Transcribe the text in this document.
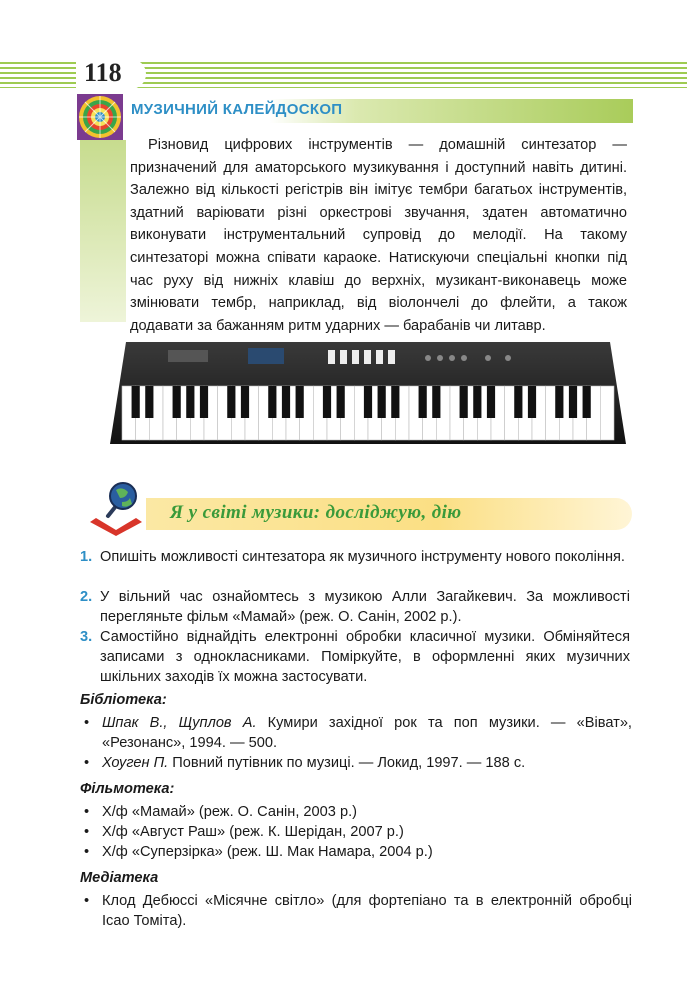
118
МУЗИЧНИЙ КАЛЕЙДОСКОП
Різновид цифрових інструментів — домашній синтезатор — призначений для аматорського музикування і доступний навіть дитині. Залежно від кількості регістрів він імітує тембри багатьох інструментів, здатний варіювати різні оркестрові звучання, здатен автоматично виконувати інструментальний супровід до мелодії. На такому синтезаторі можна співати караоке. Натискуючи спеціальні кнопки під час руху від нижніх клавіш до верхніх, музикант-виконавець може змінювати тембр, наприклад, від віолончелі до флейти, а також додавати за бажанням ритм ударних — барабанів чи литавр.
Я у світі музики: досліджую, дію
1. Опишіть можливості синтезатора як музичного інструменту нового покоління.
2. У вільний час ознайомтесь з музикою Алли Загайкевич. За можливості перегляньте фільм «Мамай» (реж. О. Санін, 2002 р.).
3. Самостійно віднайдіть електронні обробки класичної музики. Обміняйтеся записами з однокласниками. Поміркуйте, в оформленні яких музичних шкільних заходів їх можна застосувати.
Бібліотека:
• Шпак В., Щуплов А. Кумири західної рок та поп музики. — «Віват», «Резонанс», 1994. — 500.
• Хоуген П. Повний путівник по музиці. — Локид, 1997. — 188 с.
Фільмотека:
• Х/ф «Мамай» (реж. О. Санін, 2003 р.)
• Х/ф «Август Раш» (реж. К. Шерідан, 2007 р.)
• Х/ф «Суперзірка» (реж. Ш. Мак Намара, 2004 р.)
Медіатека
• Клод Дебюссі «Місячне світло» (для фортепіано та в електронній обробці Ісао Томіта).
